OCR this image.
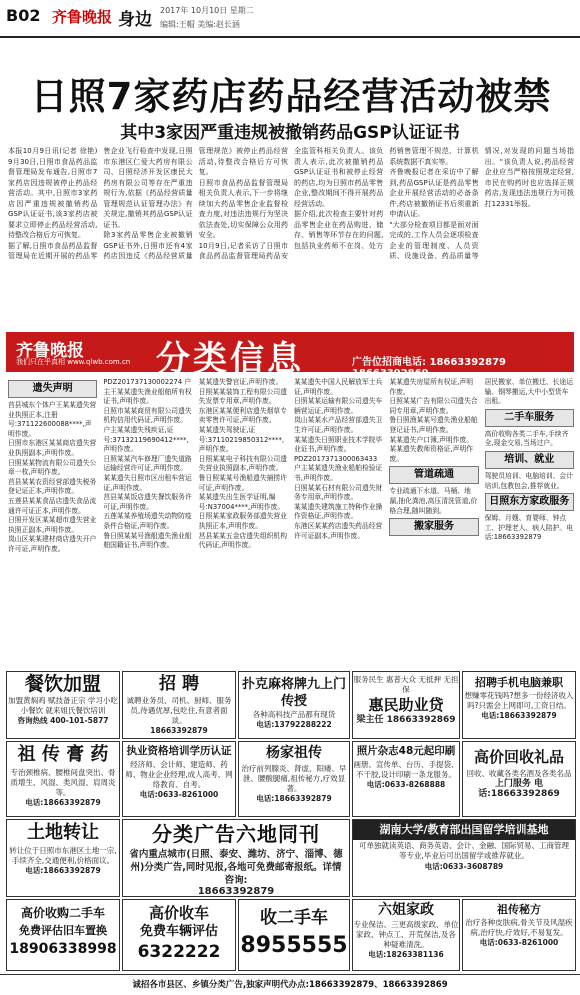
B02 齐鲁晚报 身边 2017年 10月10日 星期二
编辑:王帽 美编:赵长涵
日照7家药店药品经营活动被禁
其中3家因严重违规被撤销药品GSP认证证书

本报10月9日讯(记者 徐艳) 9月30日,日照市食品药品监督管理局发布通告,日照市7家药店因违规被停止药品经营活动。其中,日照市3家药店因严重违规被撤销药品GSP认证证书,该3家药店被要求立即停止药品经营活动,待整改合格后方可恢复。

据了解,日照市食品药品监督管理局在近期开展的药品零售企业飞行检查中发现,日照市东港区仁爱大药房有限公司、日照经济开发区康民大药房有限公司等存在严重违规行为,依据《药品经营质量管理规范认证管理办法》有关规定,撤销其药品GSP认证证书。

除3家药品零售企业被撤销GSP证书外,日照市还有4家药店因违反《药品经营质量管理规范》被停止药品经营活动,待整改合格后方可恢复。

日照市食品药品监督管理局相关负责人表示,下一步将继续加大药品零售企业监督检查力度,对违法违规行为坚决依法查处,切实保障公众用药安全。

10月9日,记者采访了日照市食品药品监督管理局药品安全监管科相关负责人。该负责人表示,此次被撤销药品GSP认证证书和被停止经营的药店,均为日照市药品零售企业,整改期间不得开展药品经营活动。

据介绍,此次检查主要针对药品零售企业在药品购进、储存、销售等环节存在的问题,包括执业药师不在岗、处方药销售管理不规范、计算机系统数据不真实等。

齐鲁晚报记者在采访中了解到,药品GSP认证是药品零售企业开展经营活动的必备条件,药店被撤销证书后须重新申请认证。

"大部分检查项目都是面对面完成的,工作人员会逐项检查企业的管理制度、人员资质、设施设备、药品质量等情况,对发现的问题当场指出。"该负责人说,药品经营企业应当严格按照规定经营,市民在购药时也应选择正规药店,发现违法违规行为可拨打12331举报。

齐鲁晚报
我们只在乎真相 www.qlwb.com.cn 分类信息	广告位招商电话: 18663392879 18663392869
遗失声明

莒县城东个体户王某某遗失营业执照正本,注册号:371122600088****,声明作废。

日照市东港区某某商店遗失营业执照副本,声明作废。

日照某某物流有限公司遗失公章一枚,声明作废。

莒县某某农资经营部遗失税务登记证正本,声明作废。

五莲县某某食品店遗失食品流通许可证正本,声明作废。

日照开发区某某超市遗失营业执照正副本,声明作废。

岚山区某某建材商店遗失开户许可证,声明作废。

PDZ201737130002274 户主王某某遗失渔业船舶所有权证书,声明作废。

日照市某某商贸有限公司遗失机构信用代码证,声明作废。

户主某某遗失残疾证,证号:37132119690412****,声明作废。

日照某某汽车修理厂遗失道路运输经营许可证,声明作废。

某某遗失日照市区出租车营运证,声明作废。

莒县某某饭店遗失餐饮服务许可证,声明作废。

五莲某某养殖场遗失动物防疫条件合格证,声明作废。

鲁日照某某号渔船遗失渔业船舶国籍证书,声明作废。

某某遗失警官证,声明作废。

日照某某装饰工程有限公司遗失发票专用章,声明作废。

东港区某某便利店遗失烟草专卖零售许可证,声明作废。

某某遗失驾驶证,证号:37110219850312****,声明作废。

日照某某电子科技有限公司遗失营业执照副本,声明作废。

鲁日照某某号渔船遗失捕捞许可证,声明作废。

某某遗失出生医学证明,编号:N37004****,声明作废。

日照某某家政服务部遗失营业执照正本,声明作废。

莒县某某五金店遗失组织机构代码证,声明作废。

某某遗失中国人民解放军士兵证,声明作废。

日照某某运输有限公司遗失车辆营运证,声明作废。

岚山某某水产品经营部遗失卫生许可证,声明作废。

某某遗失日照职业技术学院毕业证书,声明作废。

PDZ2017371300063433 户主某某遗失渔业船舶检验证书,声明作废。

日照某某石材有限公司遗失财务专用章,声明作废。

某某遗失建筑施工特种作业操作资格证,声明作废。

东港区某某药店遗失药品经营许可证副本,声明作废。

某某遗失房屋所有权证,声明作废。

日照某某广告有限公司遗失合同专用章,声明作废。

鲁日照渔某某号遗失渔业船舶登记证书,声明作废。

某某遗失户口簿,声明作废。

某某遗失教师资格证,声明作废。

管道疏通

专业疏通下水道、马桶、地漏,抽化粪池,高压清洗管道,价格合理,随叫随到。

搬家服务

居民搬家、单位搬迁、长途运输、钢琴搬运,大中小型货车出租。

二手车服务

高价收购各类二手车,手续齐全,现金交易,当场过户。

培训、就业

驾驶员培训、电脑培训、会计培训,包教包会,推荐就业。

日照东方家政服务

保姆、月嫂、育婴师、钟点工、护理老人、病人陪护。电话:18663392879

餐饮加盟
加盟黄焖鸡 赋技备正宗 学习小吃小餐饮 就来姐氏餐饮培训
咨询热线 400-101-5877
招 聘
诚聘业务员、司机、厨师、服务员,待遇优厚,包吃住,有意者面谈。
18663392879
扑克麻将牌九上门传授
各种高科技产品都有现货
电话:13792288222
服务民生 惠普大众 无抵押 无担保
惠民助业贷
梁主任 18663392869
招聘手机电脑兼职
想赚零花钱吗?想多一份经济收入吗?只需会上网即可,工资日结。
电话:18663392879
祖 传 膏 药
专治颈椎病、腰椎间盘突出、骨质增生、风湿、类风湿、肩周炎等。
电话:18663392879
执业资格培训学历认证
经济师、会计师、建造师、药师、物业企业经理,成人高考、网络教育、自考。
电话:0633-8261000
杨家祖传
治疗前列腺炎、肾虚、阳痿、早泄、腰酸腿痛,祖传秘方,疗效显著。
电话:18663392879
照片杂志48元起印刷
画册、宣传单、台历、手提袋、不干胶,设计印刷一条龙服务。
电话:0633-8268888
高价回收礼品
回收、收藏各类名酒及各类名品
上门服务 电话:18663392869
土地转让
转让位于日照市东港区土地一宗,手续齐全,交通便利,价格面议。
电话:18663392879
分类广告六地同刊
省内重点城市(日照、泰安、潍坊、济宁、淄博、德州)分类广告,同时见报,各地可免费邮寄报纸。详情咨询:
18663392879
湖南大学/教育部出国留学培训基地
可单独就读英语、商务英语、会计、金融、国际贸易、工商管理等专业,毕业后可出国留学或推荐就业。
电话:0633-3608789
高价收购二手车
免费评估旧车置换
18906338998
高价收车
免费车辆评估
6322222
收二手车
8955555
六姐家政
专业保洁、三更高级家政、单位家政、钟点工、开荒保洁,及各种疑难清洗。
电话:18263381136
祖传秘方
治疗各种皮肤病,骨关节及风湿疾病,治疗快,疗效好,不易复发。
电话:0633-8261000
诚招各市县区、乡镇分类广告,独家声明代办点:18663392879、18663392869
